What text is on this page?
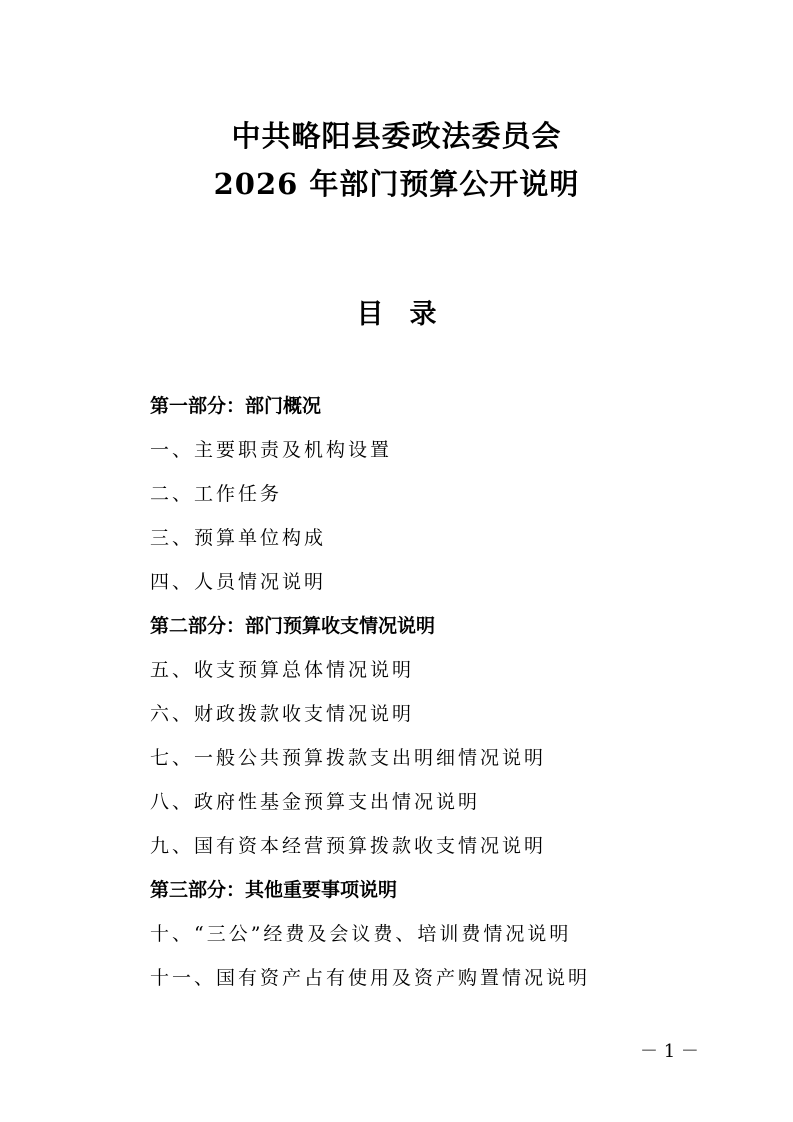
中共略阳县委政法委员会
2026 年部门预算公开说明
目 录
第一部分：部门概况
一、主要职责及机构设置
二、工作任务
三、预算单位构成
四、人员情况说明
第二部分：部门预算收支情况说明
五、收支预算总体情况说明
六、财政拨款收支情况说明
七、一般公共预算拨款支出明细情况说明
八、政府性基金预算支出情况说明
九、国有资本经营预算拨款收支情况说明
第三部分：其他重要事项说明
十、“三公”经费及会议费、培训费情况说明
十一、国有资产占有使用及资产购置情况说明
－ 1 －
